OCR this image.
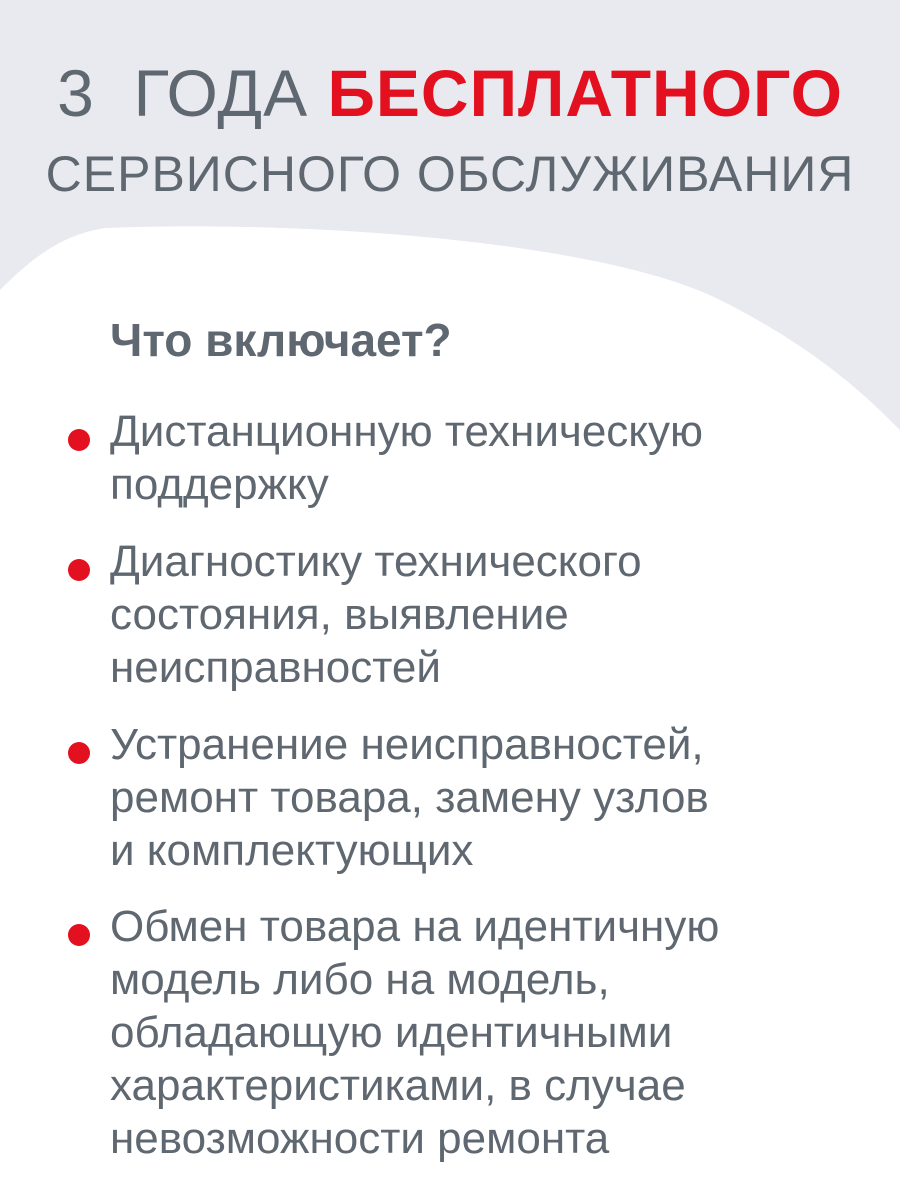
3 ГОДА БЕСПЛАТНОГО
СЕРВИСНОГО ОБСЛУЖИВАНИЯ
Что включает?
Дистанционную техническую
поддержку
Диагностику технического
состояния, выявление
неисправностей
Устранение неисправностей,
ремонт товара, замену узлов
и комплектующих
Обмен товара на идентичную
модель либо на модель,
обладающую идентичными
характеристиками, в случае
невозможности ремонта
